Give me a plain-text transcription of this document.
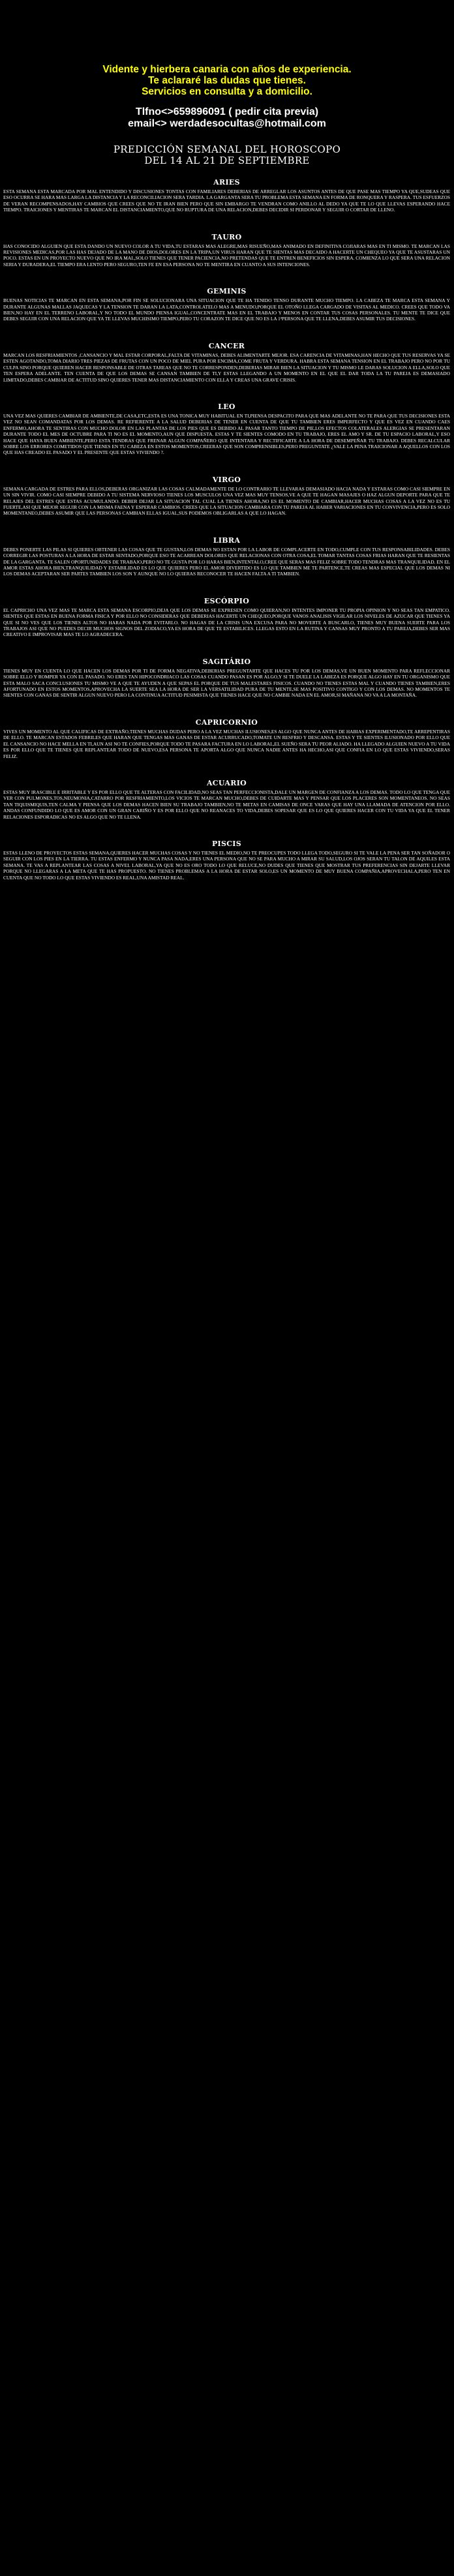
Vidente y hierbera canaria con años de experiencia.

Te aclararé las dudas que tienes.

Servicios en consulta y a domicilio.

Tlfno<>659896091 ( pedir cita previa)

email<> werdadesocultas@hotmail.com

PREDICCIÓN SEMANAL DEL HOROSCOPO

DEL 14 AL 21 DE SEPTIEMBRE

ARIES

ESTA SEMANA ESTA MARCADA POR MAL ENTENDIDO Y DISCUSIONES TONTAS CON FAMILIARES DEBERIAS DE ARREGLAR LOS ASUNTOS ANTES DE QUE PASE MAS TIEMPO YA QUE,SUDEAS QUE ESO OCURRA SE HARA MAS LARGA LA DISTANCIA Y LA RECONCILIACION SERA TARDIA. LA GARGANTA SERA TU PROBLEMA ESTA SEMANA EN FORMA DE RONQUERA Y RASPERA. TUS ESFUERZOS DE VERAN RECOMPENSADOS,HAY CAMBIOS QUE CREES QUE NO TE IRAN BIEN PERO QUE SIN EMBARGO TE VENDRAN COMO ANILLO AL DEDO YA QUE TE LO QUE LLEVAS ESPERANDO HACE TIEMPO. TRAICIONES Y MENTIRAS TE MARCAN EL DISTANCIAMIENTO,QUE NO RUPTURA DE UNA RELACION,DEBES DECIDIR SI PERDONAR Y SEGUIR O CORTAR DE LLENO.

TAURO

HAS CONOCIDO ALGUIEN QUE ESTA DANDO UN NUEVO COLOR A TU VIDA,TU ESTARAS MAS ALEGRE,MAS RISUEÑO,MAS ANIMADO EN DEFINITIVA COJIARAS MAS EN TI MISMO. TE MARCAN LAS REVISIONES MEDICAS,POR LAS HAS DEJADO DE LA MANO DE DIOS,DOLORES EN LA TRIPA,UN VIRUS HARAN QUE TE SIENTAS MAS DECAIDO A HACERTE UN CHEQUEO YA QUE TE ASUSTARAS UN POCO. ESTAS EN UN PROYECTO NUEVO QUE NO IRA MAL,SOLO TIENES QUE TENER PACIENCIA,NO PRETENDAS QUE TE ENTREN BENEFICIOS SIN ESPERA. COMIENZA LO QUE SERA UNA RELACION SERIA Y DURADERA,EL TIEMPO ERA LENTO PERO SEGURO,TEN FE EN ESA PERSONA NO TE MENTIRA EN CUANTO A SUS INTENCIONES.

GEMINIS

BUENAS NOTICIAS TE MARCAN EN ESTA SEMANA,POR FIN SE SOLUCIONARA UNA SITUACION QUE TE HA TENIDO TENSO DURANTE MUCHO TIEMPO. LA CABEZA TE MARCA ESTA SEMANA Y DURANTE ALGUNAS MALLAS JAQUECAS Y LA TENSION TE DARAN LA LATA,CONTROLATELO MAS A MENUDO,PORQUE EL OTOÑO LLEGA CARGADO DE VISITAS AL MEDICO. CREES QUE TODO VA BIEN,NO HAY EN EL TERRENO LABORAL,Y NO TODO EL MUNDO PIENSA IGUAL,CONCENTRATE MAS EN EL TRABAJO Y MENOS EN CONTAR TUS COSAS PERSONALES. TU MENTE TE DICE QUE DEBES SEGUIR CON UNA RELACION QUE YA TE LLEVAS MUCHISIMO TIEMPO,PERO TU CORAZON TE DICE QUE NO ES LA 1ªPERSONA QUE TE LLENA,DEBES ASUMIR TUS DECISIONES.

CANCER

MARCAN LOS RESFRIAMIENTOS ,CANSANCIO Y MAL ESTAR CORPORAL,FALTA DE VITAMINAS, DEBES ALIMENTARTE MEJOR. ESA CARENCIA DE VITAMINAS,HAN HECHO QUE TUS RESERVAS YA SE ESTEN AGOTANDO,TOMA DIARIO TRES PIEZAS DE FRUTAS CON UN POCO DE MIEL PURA POR ENCIMA,COME FRUTA Y VERDURA. HABRA ESTA SEMANA TENSION EN EL TRABAJO PERO NO POR TU CULPA SINO PORQUE QUIEREN HACER RESPONSABLE DE OTRAS TAREAS QUE NO TE CORRESPONDEN,DEBERIAS MIRAR BIEN LA SITUACION Y TU MISMO LE DARAS SOLUCION A ELLA,SOLO QUE TEN ESPERA ADELANTE. TEN CUENTA DE QUE LOS DEMAS SE CANSAN TAMBIEN DE TI,Y ESTAS LLEGANDO A UN MOMENTO EN EL QUE EL DAR TODA LA TU PAREJA ES DEMASIADO LIMITADO,DEBES CAMBIAR DE ACTITUD SINO QUIERES TENER MAS DISTANCIAMIENTO CON ELLA Y CREAS UNA GRAVE CRISIS.

LEO

UNA VEZ MAS QUIERES CAMBIAR DE AMBIENTE,DE CASA,ETC,ESTA ES UNA TONICA MUY HABITUAL EN TI,PIENSA DESPACITO PARA QUE MAS ADELANTE NO TE PARA QUE TUS DECISIONES ESTA VEZ NO SEAN COMANDATAS POR LOS DEMAS. RE REFIERENTE A LA SALUD DEBERIAS DE TENER EN CUENTA DE QUE TU TAMBIEN ERES IMPERFECTO Y QUE ES VEZ EN CUANDO CAES ENFERMO,AHORA TE SENTIRAS CON MUCHO DOLOR EN LAS PLANTAS DE LOS PIES QUE ES DEBIDO AL PASAR TANTO TIEMPO DE PIE,LOS EFECTOS COLATERALES ALERGIAS SE PRESENTARAN DURANTE TODO EL MES DE OCTUBRE PARA TI NO ES EL MOMENTO,AUN QUE DISPUESTA. ESTAS Y TE SIENTES COMODO EN TU TRABAJO, ERES EL AMO Y SR. DE TU ESPACIO LABORAL,Y ESO HACE QUE HAYA BUEN AMBIENTE,PERO ESTA TENDRAS QUE FRENAR ALGUN COMPAÑERO QUE INTENTARA Y RECTIFICARTE A LA HORA DE DESEMPEÑAR TU TRABAJO. DEBES RECALCULAR SOBRE LOS ERRORES COMETIDOS QUE TIENES EN TU CABEZA EN ESTOS MOMENTOS,CREERAS QUE SON COMPRENSIBLES,PERO PREGUNTATE ¿VALE LA PENA TRAICIONAR A AQUELLOS CON LOS QUE HAS CREADO EL PASADO Y EL PRESENTE QUE ESTAS VIVIENDO ?.

VIRGO

SEMANA CARGADA DE ESTRES PARA ELLOS,DEBERAS ORGANIZAR LAS COSAS CALMADAMENTE DE LO CONTRARIO TE LLEVARAS DEMASIADO HACIA NADA Y ESTARAS COMO CASI SIEMPRE EN UN SIN VIVIR. COMO CASI SIEMPRE DEBIDO A TU SISTEMA NERVIOSO TIENES LOS MUSCULOS UNA VEZ MAS MUY TENSOS,VE A QUE TE HAGAN MASAJES O HAZ ALGUN DEPORTE PARA QUE TE RELAJES DEL ESTRES QUE ESTAS ACUMULANDO. DEBER DEJAR LA SITUACION TAL CUAL LA TIENES AHORA,NO ES EL MOMENTO DE CAMBIAR,HACER MUCHAS COSAS A LA VEZ NO ES TU FUERTE,ASI QUE MEJOR SEGUIR CON LA MISMA FAENA Y ESPERAR CAMBIOS. CREES QUE LA SITUACION CAMBIARA CON TU PAREJA AL HABER VARIACIONES EN TU CONVIVENCIA,PERO ES SOLO MOMENTANEO,DEBES ASUMIR QUE LAS PERSONAS CAMBIAN ELLAS IGUAL,SUS PODEMOS OBLIGARLAS A QUE LO HAGAN.

LIBRA

DEBES PONERTE LAS PILAS SI QUIERES OBTENER LAS COSAS QUE TE GUSTAN,LOS DEMAS NO ESTAN POR LA LABOR DE COMPLACERTE EN TODO,CUMPLE CON TUS RESPONSABILIDADES. DEBES CORREGIR LAS POSTURAS A LA HORA DE ESTAR SENTADO,PORQUE ESO TE ACARREAN DOLORES QUE RELACIONAS CON OTRA COSA,EL TOMAR TANTAS COSAS FRIAS HARAN QUE TE RESIENTAS DE LA GARGANTA. TE SALEN OPORTUNIDADES DE TRABAJO,PERO NO TE GUSTA POR LO HARAS BIEN,INTENTALO,CREE QUE SERAS MAS FELIZ SOBRE TODO TENDRAS MAS TRANQUILIDAD. EN EL AMOR ESTAS AHORA BIEN,TRANQUILIDAD Y ESTABILIDAD ES LO QUE QUIERES PERO EL AMOR DIVERTIDO ES LO QUE TAMBIEN ME TE PARTENCE,TE CREAS MAS ESPECIAL QUE LOS DEMAS NI LOS DEMAS ACEPTARAN SER PARTES TAMBIEN LOS SON Y AUNQUE NO LO QUIERAS RECONOCER TE HACEN FALTA A TI TAMBIEN.

ESCÓRPIO

EL CAPRICHO UNA VEZ MAS TE MARCA ESTA SEMANA ESCORPIO,DEJA QUE LOS DEMAS SE EXPRESEN COMO QUIERAN,NO INTENTES IMPONER TU PROPIA OPINION Y NO SEAS TAN EMPATICO. SIENTES QUE ESTAS EN BUENA FORMA FISICA Y POR ELLO NO CONSIDERAS QUE DEBERIAS HACERTE UN CHEQUEO,PORQUE VANOS ANALISIS VIGILAR LOS NIVELES DE AZUCAR QUE TIENES YA QUE SI NO VES QUE LOS TIENES ALTOS NO HARAS NADA POR EVITARLO. NO HAGAS DE LA CRISIS UNA EXCUSA PARA NO MOVERTE A BUSCARLO, TIENES MUY BUENA SUERTE PARA LOS TRABAJOS ASI QUE NO PUEDES DECIR MUCHOS SIGNOS DEL ZODIACO,YA ES HORA DE QUE TE ESTABILICES. LLEGAS ESTO EN LA RUTINA Y CANSAS MUY PRONTO A TU PAREJA,DEBES SER MAS CREATIVO E IMPROVISAR MAS TE LO AGRADECERA.

SAGITÁRIO

TIENES MUY EN CUENTA LO QUE HACEN LOS DEMAS POR TI DE FORMA NEGATIVA,DEBERIAS PREGUNTARTE QUE HACES TU POR LOS DEMAS,VE UN BUEN MOMENTO PARA REFLECCIONAR SOBRE ELLO Y ROMPER YA CON EL PASADO. NO ERES TAN HIPOCONDRIACO LAS COSAS CUANDO PASAN ES POR ALGO,Y SI TE DUELE LA LABEZA ES PORQUE ALGO HAY EN TU ORGANISMO QUE ESTA MALO SACA CONCLUSIONES TU MISMO VE A QUE TE AYUDEN A QUE SEPAS EL PORQUE DE TUS MALESTARES FISICOS. CUANDO NO TIENES ESTAS MAL Y CUANDO TIENES TAMBIEN,ERES AFORTUNADO EN ESTOS MOMENTOS,APROVECHA LA SUERTE SEA LA HORA DE SER LA VERSATILIDAD PURA DE TU MENTE,SE MAS POSITIVO CONTIGO Y CON LOS DEMAS. NO MOMENTOS TE SIENTES CON GANAS DE SENTIR ALGUN NUEVO PERO LA CONTINUA ACTITUD PESIMISTA QUE TIENES HACE QUE NO CAMBIE NADA EN EL AMOR,SI MAÑANA NO VA A LA MONTAÑA.

CAPRICORNIO

VIVES UN MOMENTO AL QUE CALIFICAS DE EXTRAÑO,TIENES MUCHAS DUDAS PERO A LA VEZ MUCHAS ILUSIONES,ES ALGO QUE NUNCA ANTES DE HABIAS EXPERIMENTADO,TE ARREPENTIRAS DE ELLO. TE MARCAN ESTADOS FEBRILES QUE HARAN QUE TENGAS MAS GANAS DE ESTAR ACURRUCADO,TOMATE UN RESFRIO Y DESCANSA. ESTAS Y TE SIENTES ILUSIONADO POR ELLO QUE EL CANSANCIO NO HACE MELLA EN TI,AUN ASI NO TE CONFIES,PORQUE TODO TE PASARA FACTURA EN LO LABORAL,EL SUEÑO SERA TU PEOR ALIADO. HA LLEGADO ALGUIEN NUEVO A TU VIDA ES POR ELLO QUE TE TIENES QUE REPLANTEAR TODO DE NUEVO,ESA PERSONA TE APORTA ALGO QUE NUNCA NADIE ANTES HA HECHO,ASI QUE CONFIA EN LO QUE ESTAS VIVIENDO,SERAS FELIZ.

ACUARIO

ESTAS MUY IRASCIBLE E IRRITABLE Y ES POR ELLO QUE TE ALTERAS CON FACILIDAD,NO SEAS TAN PERFECCIONISTA,DALE UN MARGEN DE CONFIANZA A LOS DEMAS. TODO LO QUE TENGA QUE VER CON PULMONES,TOS,NEUMONIA,CATARRO POR RESFRIAMIENTO,LOS VICIOS TE MARCAN MUCHO,DEBES DE CUIDARTE MAS Y PENSAR QUE LOS PLACERES SON MOMENTANEOS. NO SEAS TAN TIQUISMIQUIS,TEN CALMA Y PIENSA QUE LOS DEMAS HACEN BIEN SU TRABAJO TAMBIEN,NO TE METAS EN CAMISAS DE ONCE VARAS QUE HAY UNA LLAMADA DE ATENCION POR ELLO. ANDAS CONFUNDIDO LO QUE ES AMOR CON UN GRAN CARIÑO Y ES POR ELLO QUE NO REANACES TO VIDA,DEBES SOPESAR QUE ES LO QUE QUIERES HACER CON TU VIDA YA QUE EL TENER RELACIONES ESPORADICAS NO ES ALGO QUE NO TE LLENA.

PISCIS

ESTAS LLENO DE PROYECTOS ESTAS SEMANA,QUIERES HACER MUCHAS COSAS Y NO TIENES EL MEDIO,NO TE PREOCUPES TODO LLEGA TODO,SEGURO SI TE VALE LA PENA SER TAN SOÑADOR O SEGUIR CON LOS PIES EN LA TIERRA. TU ESTAS ENFERMO Y NUNCA PASA NADA,ERES UNA PERSONA QUE NO SE PARA MUCHO A MIRAR SU SALUD,LOS OJOS SERAN TU TALON DE AQUILES ESTA SEMANA. TE VAS A REPLANTEAR LAS COSAS A NIVEL LABORAL,YA QUE NO ES ORO TODO LO QUE RELUCE,NO DUDES QUE TIENES QUE MOSTRAR TUS PREFERENCIAS SIN DEJARTE LLEVAR PORQUE NO LLEGARAS A LA META QUE TE HAS PROPUESTO. NO TIENES PROBLEMAS A LA HORA DE ESTAR SOLO,ES UN MOMENTO DE MUY BUENA COMPAÑIA,APROVECHALA,PERO TEN EN CUENTA QUE NO TODO LO QUE ESTAS VIVIENDO ES REAL,UNA AMISTAD REAL.
